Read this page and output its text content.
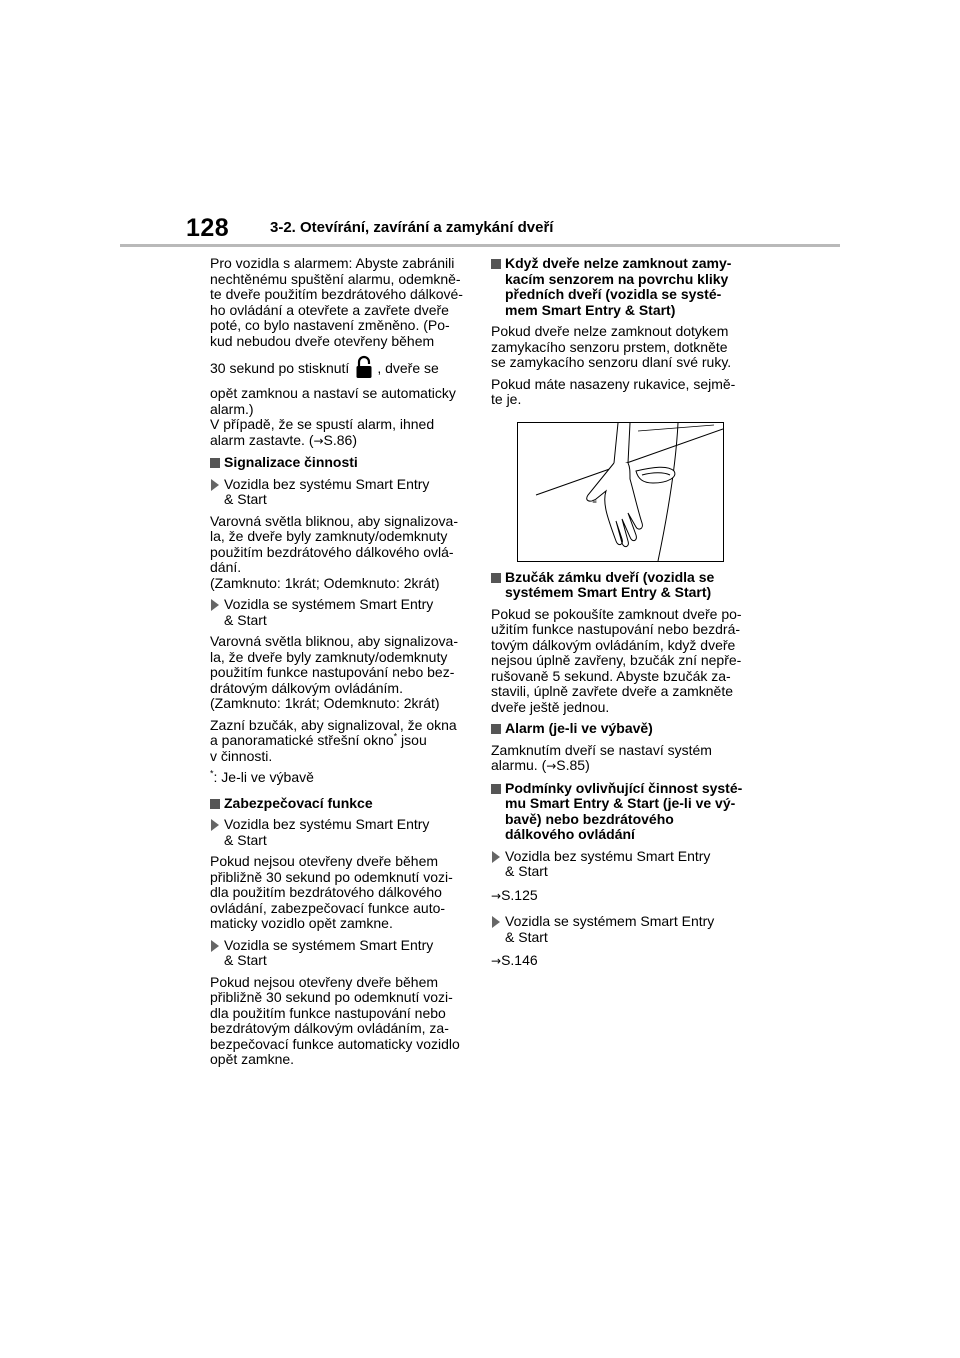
128	3-2. Otevírání, zavírání a zamykání dveří

Pro vozidla s alarmem: Abyste zabránili
nechtěnému spuštění alarmu, odemkně-
te dveře použitím bezdrátového dálkové-
ho ovládání a otevřete a zavřete dveře
poté, co bylo nastavení změněno. (Po-
kud nebudou dveře otevřeny během
30 sekund po stisknutí , dveře se
opět zamknou a nastaví se automaticky
alarm.)
V případě, že se spustí alarm, ihned
alarm zastavte. (→S.86)

Signalizace činnosti
Vozidla bez systému Smart Entry
& Start

Varovná světla bliknou, aby signalizova-
la, že dveře byly zamknuty/odemknuty
použitím bezdrátového dálkového ovlá-
dání.
(Zamknuto: 1krát; Odemknuto: 2krát)

Vozidla se systémem Smart Entry
& Start

Varovná světla bliknou, aby signalizova-
la, že dveře byly zamknuty/odemknuty
použitím funkce nastupování nebo bez-
drátovým dálkovým ovládáním.
(Zamknuto: 1krát; Odemknuto: 2krát)

Zazní bzučák, aby signalizoval, že okna
a panoramatické střešní okno* jsou
v činnosti.

*: Je-li ve výbavě
Zabezpečovací funkce
Vozidla bez systému Smart Entry
& Start

Pokud nejsou otevřeny dveře během
přibližně 30 sekund po odemknutí vozi-
dla použitím bezdrátového dálkového
ovládání, zabezpečovací funkce auto-
maticky vozidlo opět zamkne.

Vozidla se systémem Smart Entry
& Start

Pokud nejsou otevřeny dveře během
přibližně 30 sekund po odemknutí vozi-
dla použitím funkce nastupování nebo
bezdrátovým dálkovým ovládáním, za-
bezpečovací funkce automaticky vozidlo
opět zamkne.

Když dveře nelze zamknout zamy-
kacím senzorem na povrchu kliky
předních dveří (vozidla se systé-
mem Smart Entry & Start)

Pokud dveře nelze zamknout dotykem
zamykacího senzoru prstem, dotkněte
se zamykacího senzoru dlaní své ruky.

Pokud máte nasazeny rukavice, sejmě-
te je.

≡
Bzučák zámku dveří (vozidla se
systémem Smart Entry & Start)

Pokud se pokoušíte zamknout dveře po-
užitím funkce nastupování nebo bezdrá-
tovým dálkovým ovládáním, když dveře
nejsou úplně zavřeny, bzučák zní nepře-
rušovaně 5 sekund. Abyste bzučák za-
stavili, úplně zavřete dveře a zamkněte
dveře ještě jednou.

Alarm (je-li ve výbavě)

Zamknutím dveří se nastaví systém
alarmu. (→S.85)

Podmínky ovlivňující činnost systé-
mu Smart Entry & Start (je-li ve vý-
bavě) nebo bezdrátového
dálkového ovládání
Vozidla bez systému Smart Entry
& Start

→S.125

Vozidla se systémem Smart Entry
& Start

→S.146
